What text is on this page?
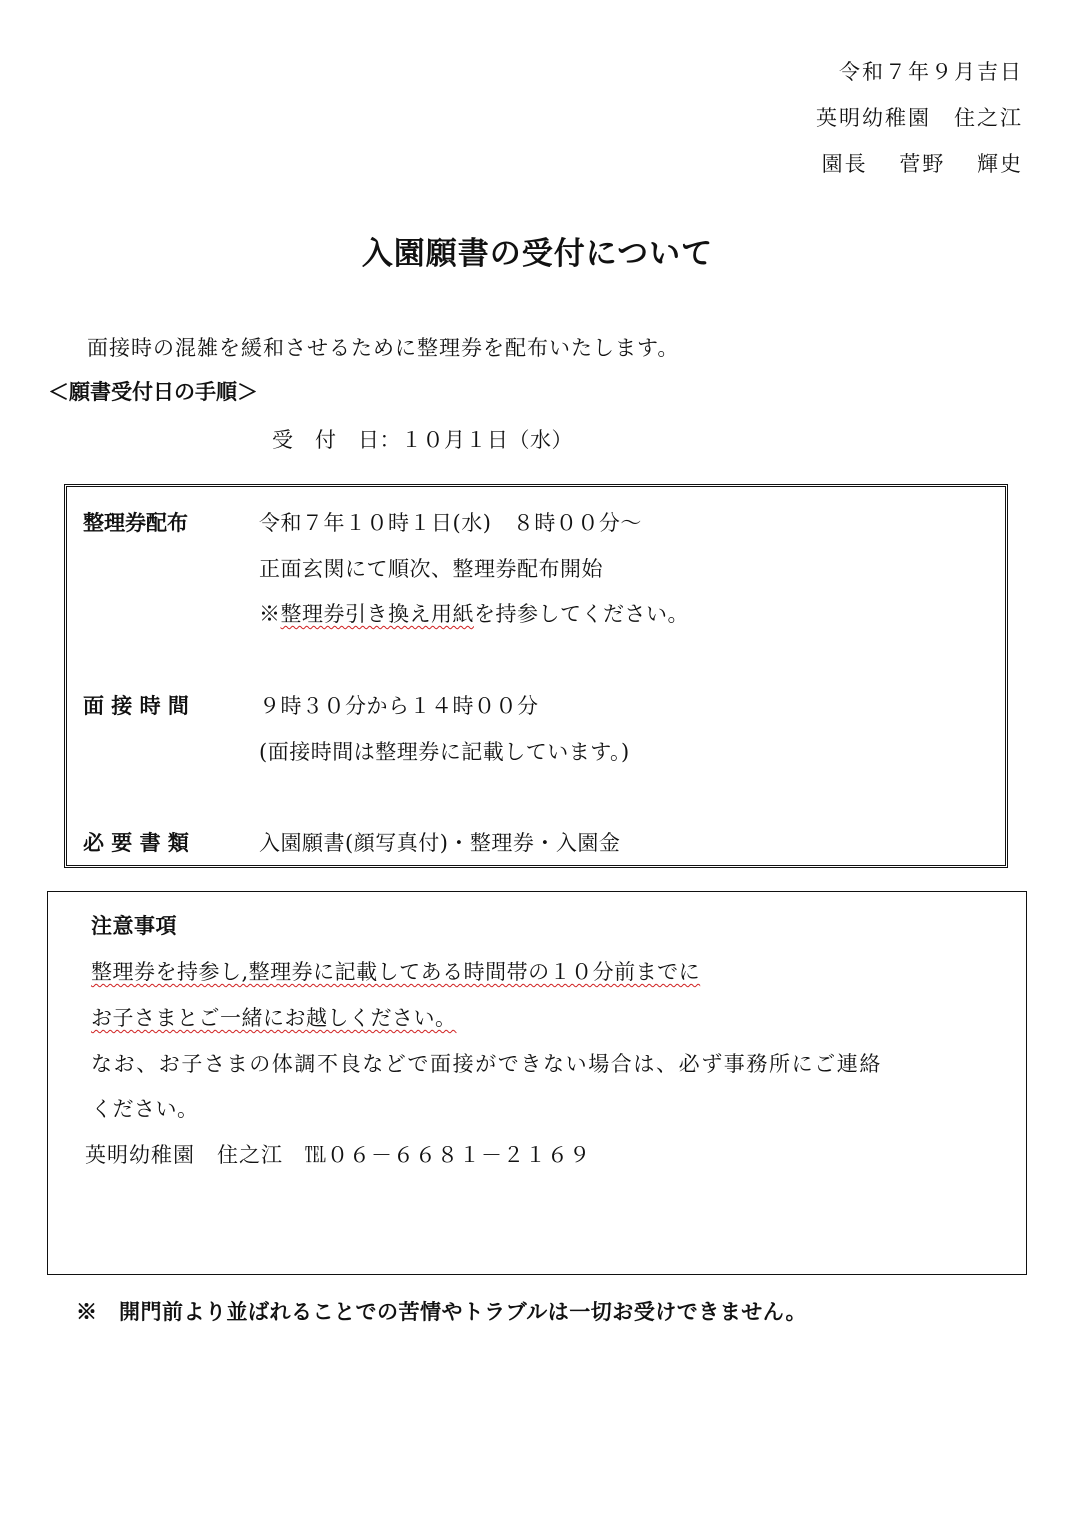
令和７年９月吉日
英明幼稚園　住之江
園長　 菅野　 輝史
入園願書の受付について
面接時の混雑を緩和させるために整理券を配布いたします。
＜願書受付日の手順＞
受　付　日：１０月１日（水）
整理券配布	令和７年１０時１日(水)　８時００分～
正面玄関にて順次、整理券配布開始
※整理券引き換え用紙を持参してください。
面 接 時 間	９時３０分から１４時００分
(面接時間は整理券に記載しています。)
必 要 書 類	入園願書(顔写真付)・整理券・入園金
注意事項
整理券を持参し,整理券に記載してある時間帯の１０分前までに
お子さまとご一緒にお越しください。
なお、お子さまの体調不良などで面接ができない場合は、必ず事務所にご連絡
ください。
英明幼稚園　住之江　℡０６－６６８１－２１６９
※　開門前より並ばれることでの苦情やトラブルは一切お受けできません。
